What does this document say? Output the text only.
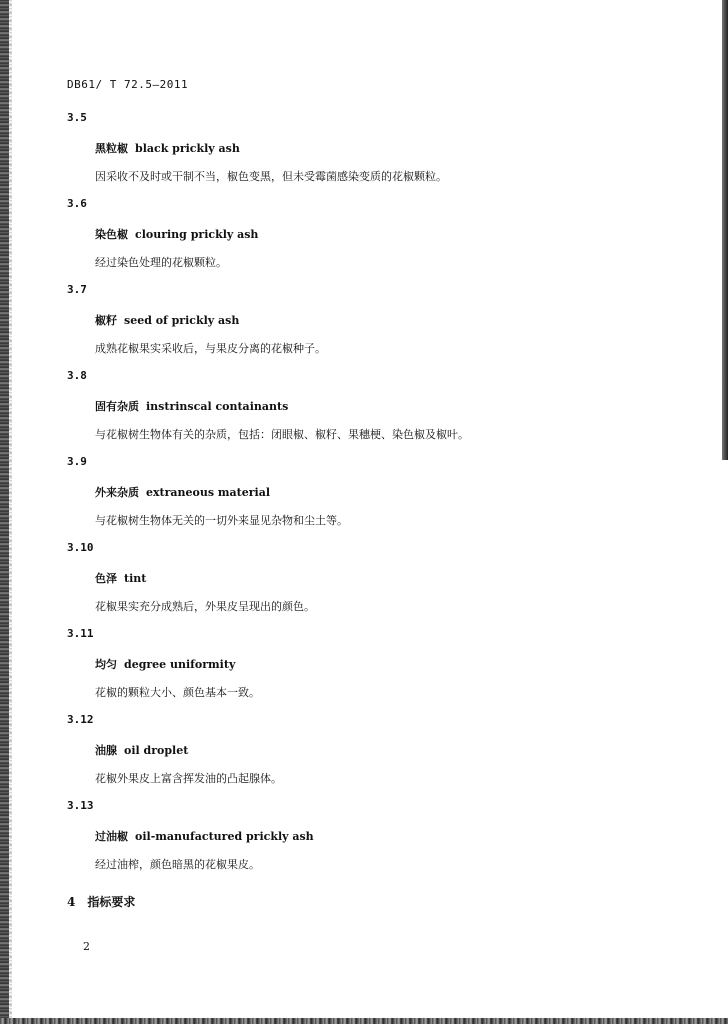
DB61/ T 72.5—2011
3.5
黑粒椒 black prickly ash
因采收不及时或干制不当，椒色变黑，但未受霉菌感染变质的花椒颗粒。
3.6
染色椒 clouring prickly ash
经过染色处理的花椒颗粒。
3.7
椒籽 seed of prickly ash
成熟花椒果实采收后，与果皮分离的花椒种子。
3.8
固有杂质 instrinscal containants
与花椒树生物体有关的杂质，包括：闭眼椒、椒籽、果穗梗、染色椒及椒叶。
3.9
外来杂质 extraneous material
与花椒树生物体无关的一切外来显见杂物和尘土等。
3.10
色泽 tint
花椒果实充分成熟后，外果皮呈现出的颜色。
3.11
均匀 degree uniformity
花椒的颗粒大小、颜色基本一致。
3.12
油腺 oil droplet
花椒外果皮上富含挥发油的凸起腺体。
3.13
过油椒 oil-manufactured prickly ash
经过油榨，颜色暗黑的花椒果皮。
4 指标要求
2
